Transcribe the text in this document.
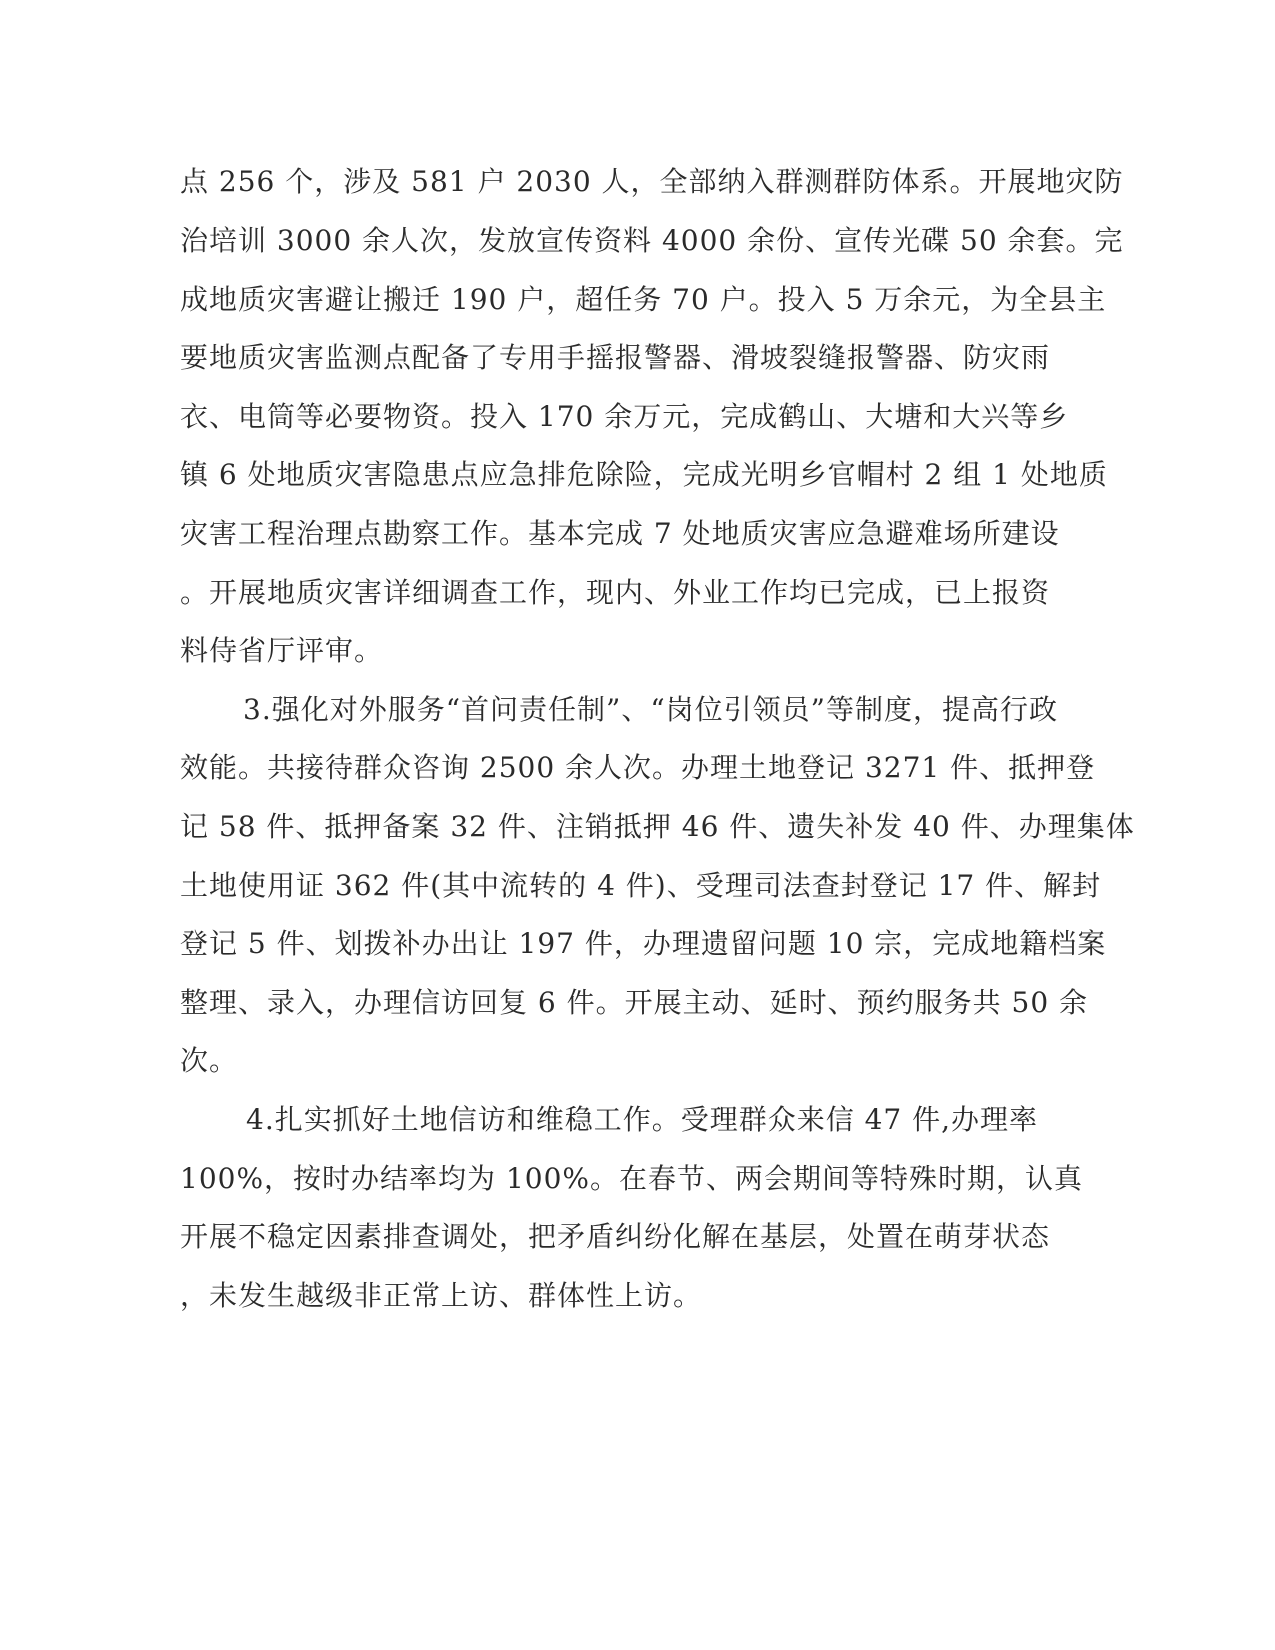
点 256 个，涉及 581 户 2030 人，全部纳入群测群防体系。开展地灾防
治培训 3000 余人次，发放宣传资料 4000 余份、宣传光碟 50 余套。完
成地质灾害避让搬迁 190 户，超任务 70 户。投入 5 万余元，为全县主
要地质灾害监测点配备了专用手摇报警器、滑坡裂缝报警器、防灾雨
衣、电筒等必要物资。投入 170 余万元，完成鹤山、大塘和大兴等乡
镇 6 处地质灾害隐患点应急排危除险，完成光明乡官帽村 2 组 1 处地质
灾害工程治理点勘察工作。基本完成 7 处地质灾害应急避难场所建设
。开展地质灾害详细调查工作，现内、外业工作均已完成，已上报资
料侍省厅评审。
3.强化对外服务“首问责任制”、“岗位引领员”等制度，提高行政
效能。共接待群众咨询 2500 余人次。办理土地登记 3271 件、抵押登
记 58 件、抵押备案 32 件、注销抵押 46 件、遗失补发 40 件、办理集体
土地使用证 362 件(其中流转的 4 件)、受理司法查封登记 17 件、解封
登记 5 件、划拨补办出让 197 件，办理遗留问题 10 宗，完成地籍档案
整理、录入，办理信访回复 6 件。开展主动、延时、预约服务共 50 余
次。
4.扎实抓好土地信访和维稳工作。受理群众来信 47 件,办理率
100%，按时办结率均为 100%。在春节、两会期间等特殊时期，认真
开展不稳定因素排查调处，把矛盾纠纷化解在基层，处置在萌芽状态
，未发生越级非正常上访、群体性上访。
